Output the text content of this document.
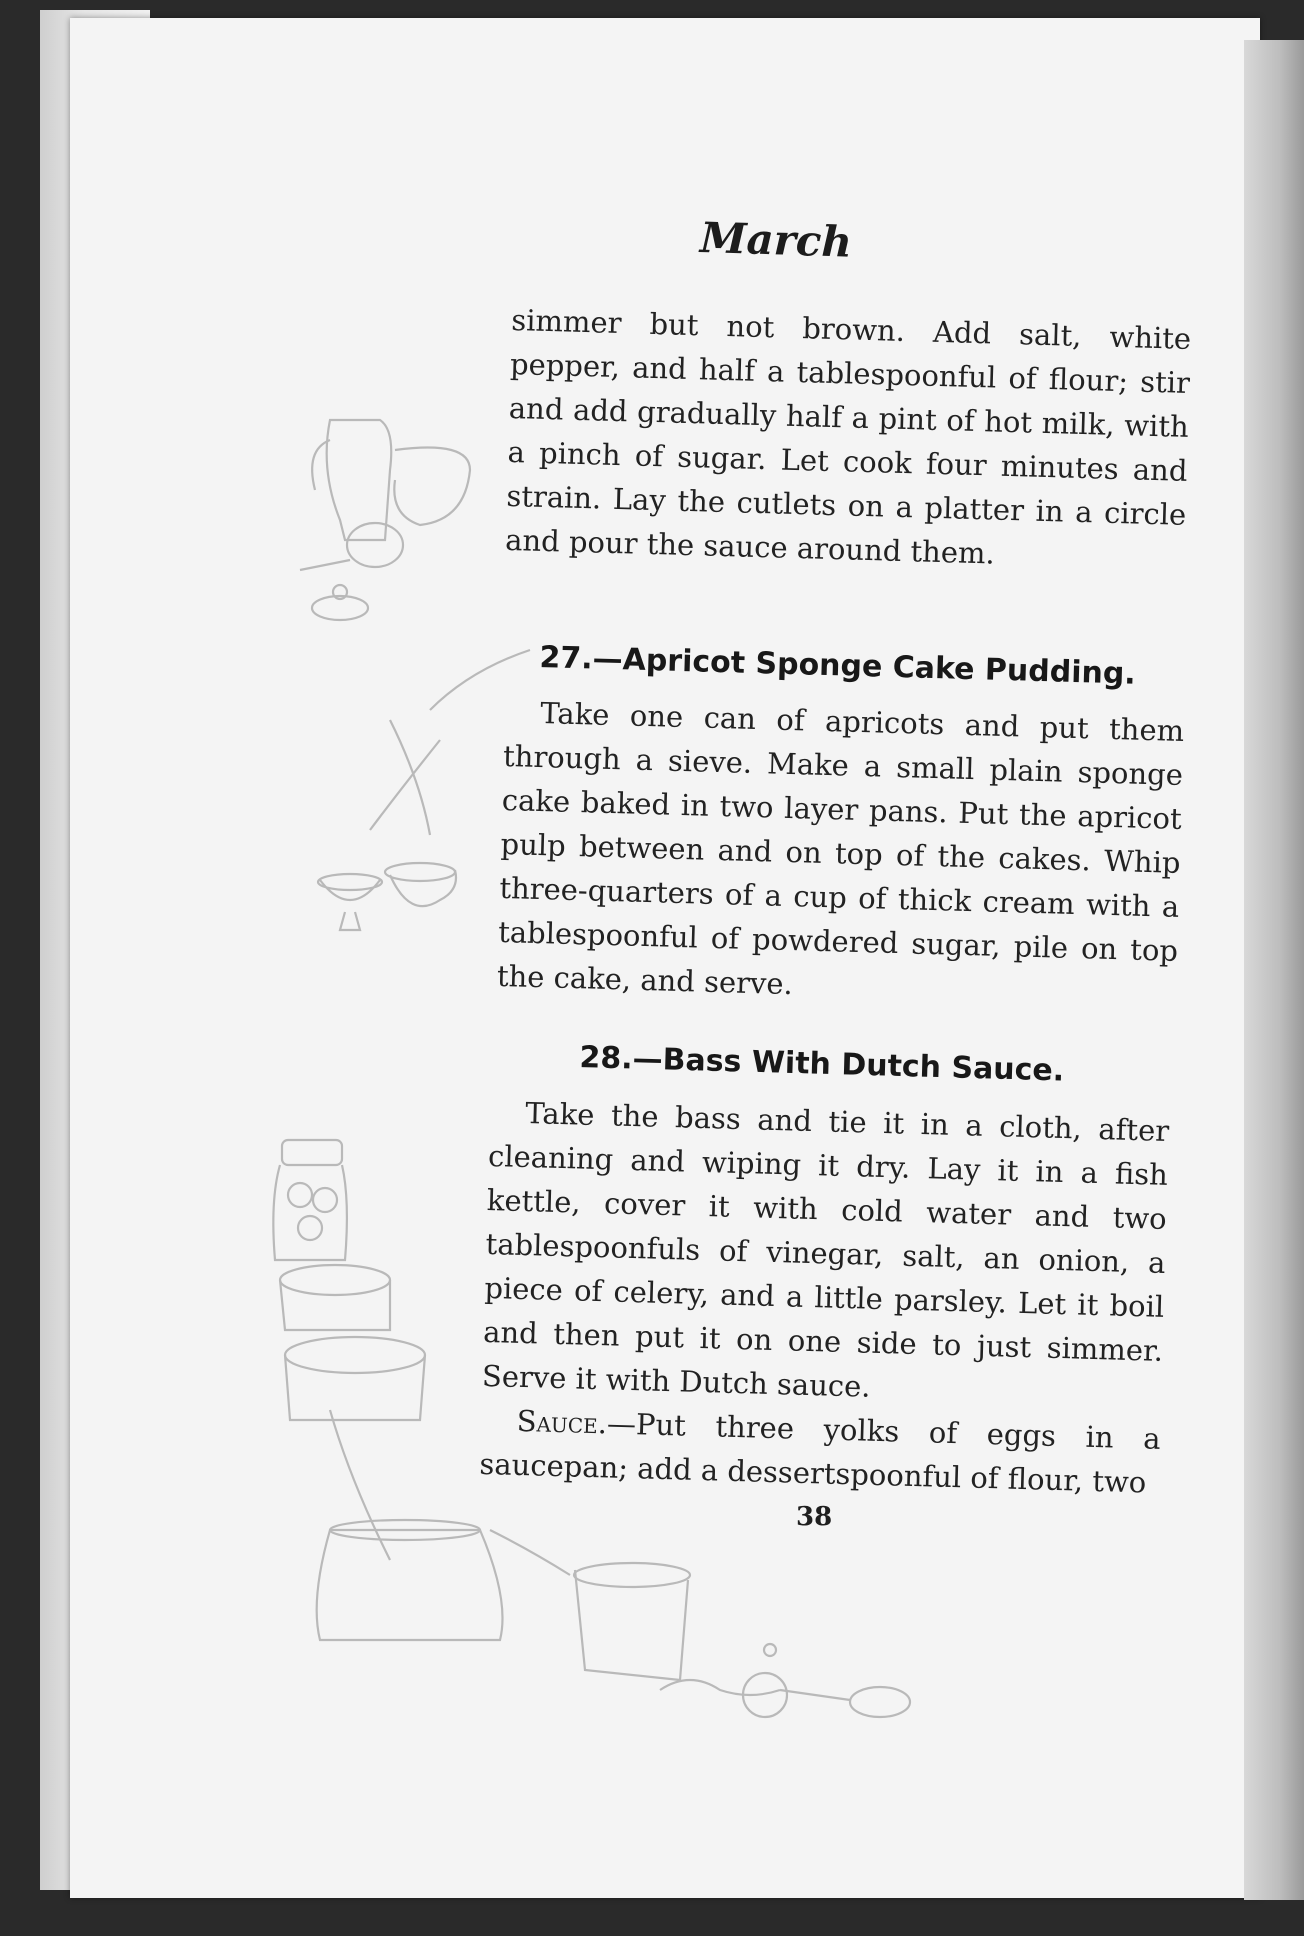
March

simmer but not brown. Add salt, white pepper, and half a tablespoonful of flour; stir and add gradually half a pint of hot milk, with a pinch of sugar. Let cook four minutes and strain. Lay the cutlets on a platter in a circle and pour the sauce around them.

27.—Apricot Sponge Cake Pudding.

Take one can of apricots and put them through a sieve. Make a small plain sponge cake baked in two layer pans. Put the apricot pulp between and on top of the cakes. Whip three-quarters of a cup of thick cream with a tablespoonful of powdered sugar, pile on top the cake, and serve.

28.—Bass With Dutch Sauce.

Take the bass and tie it in a cloth, after cleaning and wiping it dry. Lay it in a fish kettle, cover it with cold water and two tablespoonfuls of vinegar, salt, an onion, a piece of celery, and a little parsley. Let it boil and then put it on one side to just simmer. Serve it with Dutch sauce.

Sauce.—Put three yolks of eggs in a saucepan; add a dessertspoonful of flour, two

38
